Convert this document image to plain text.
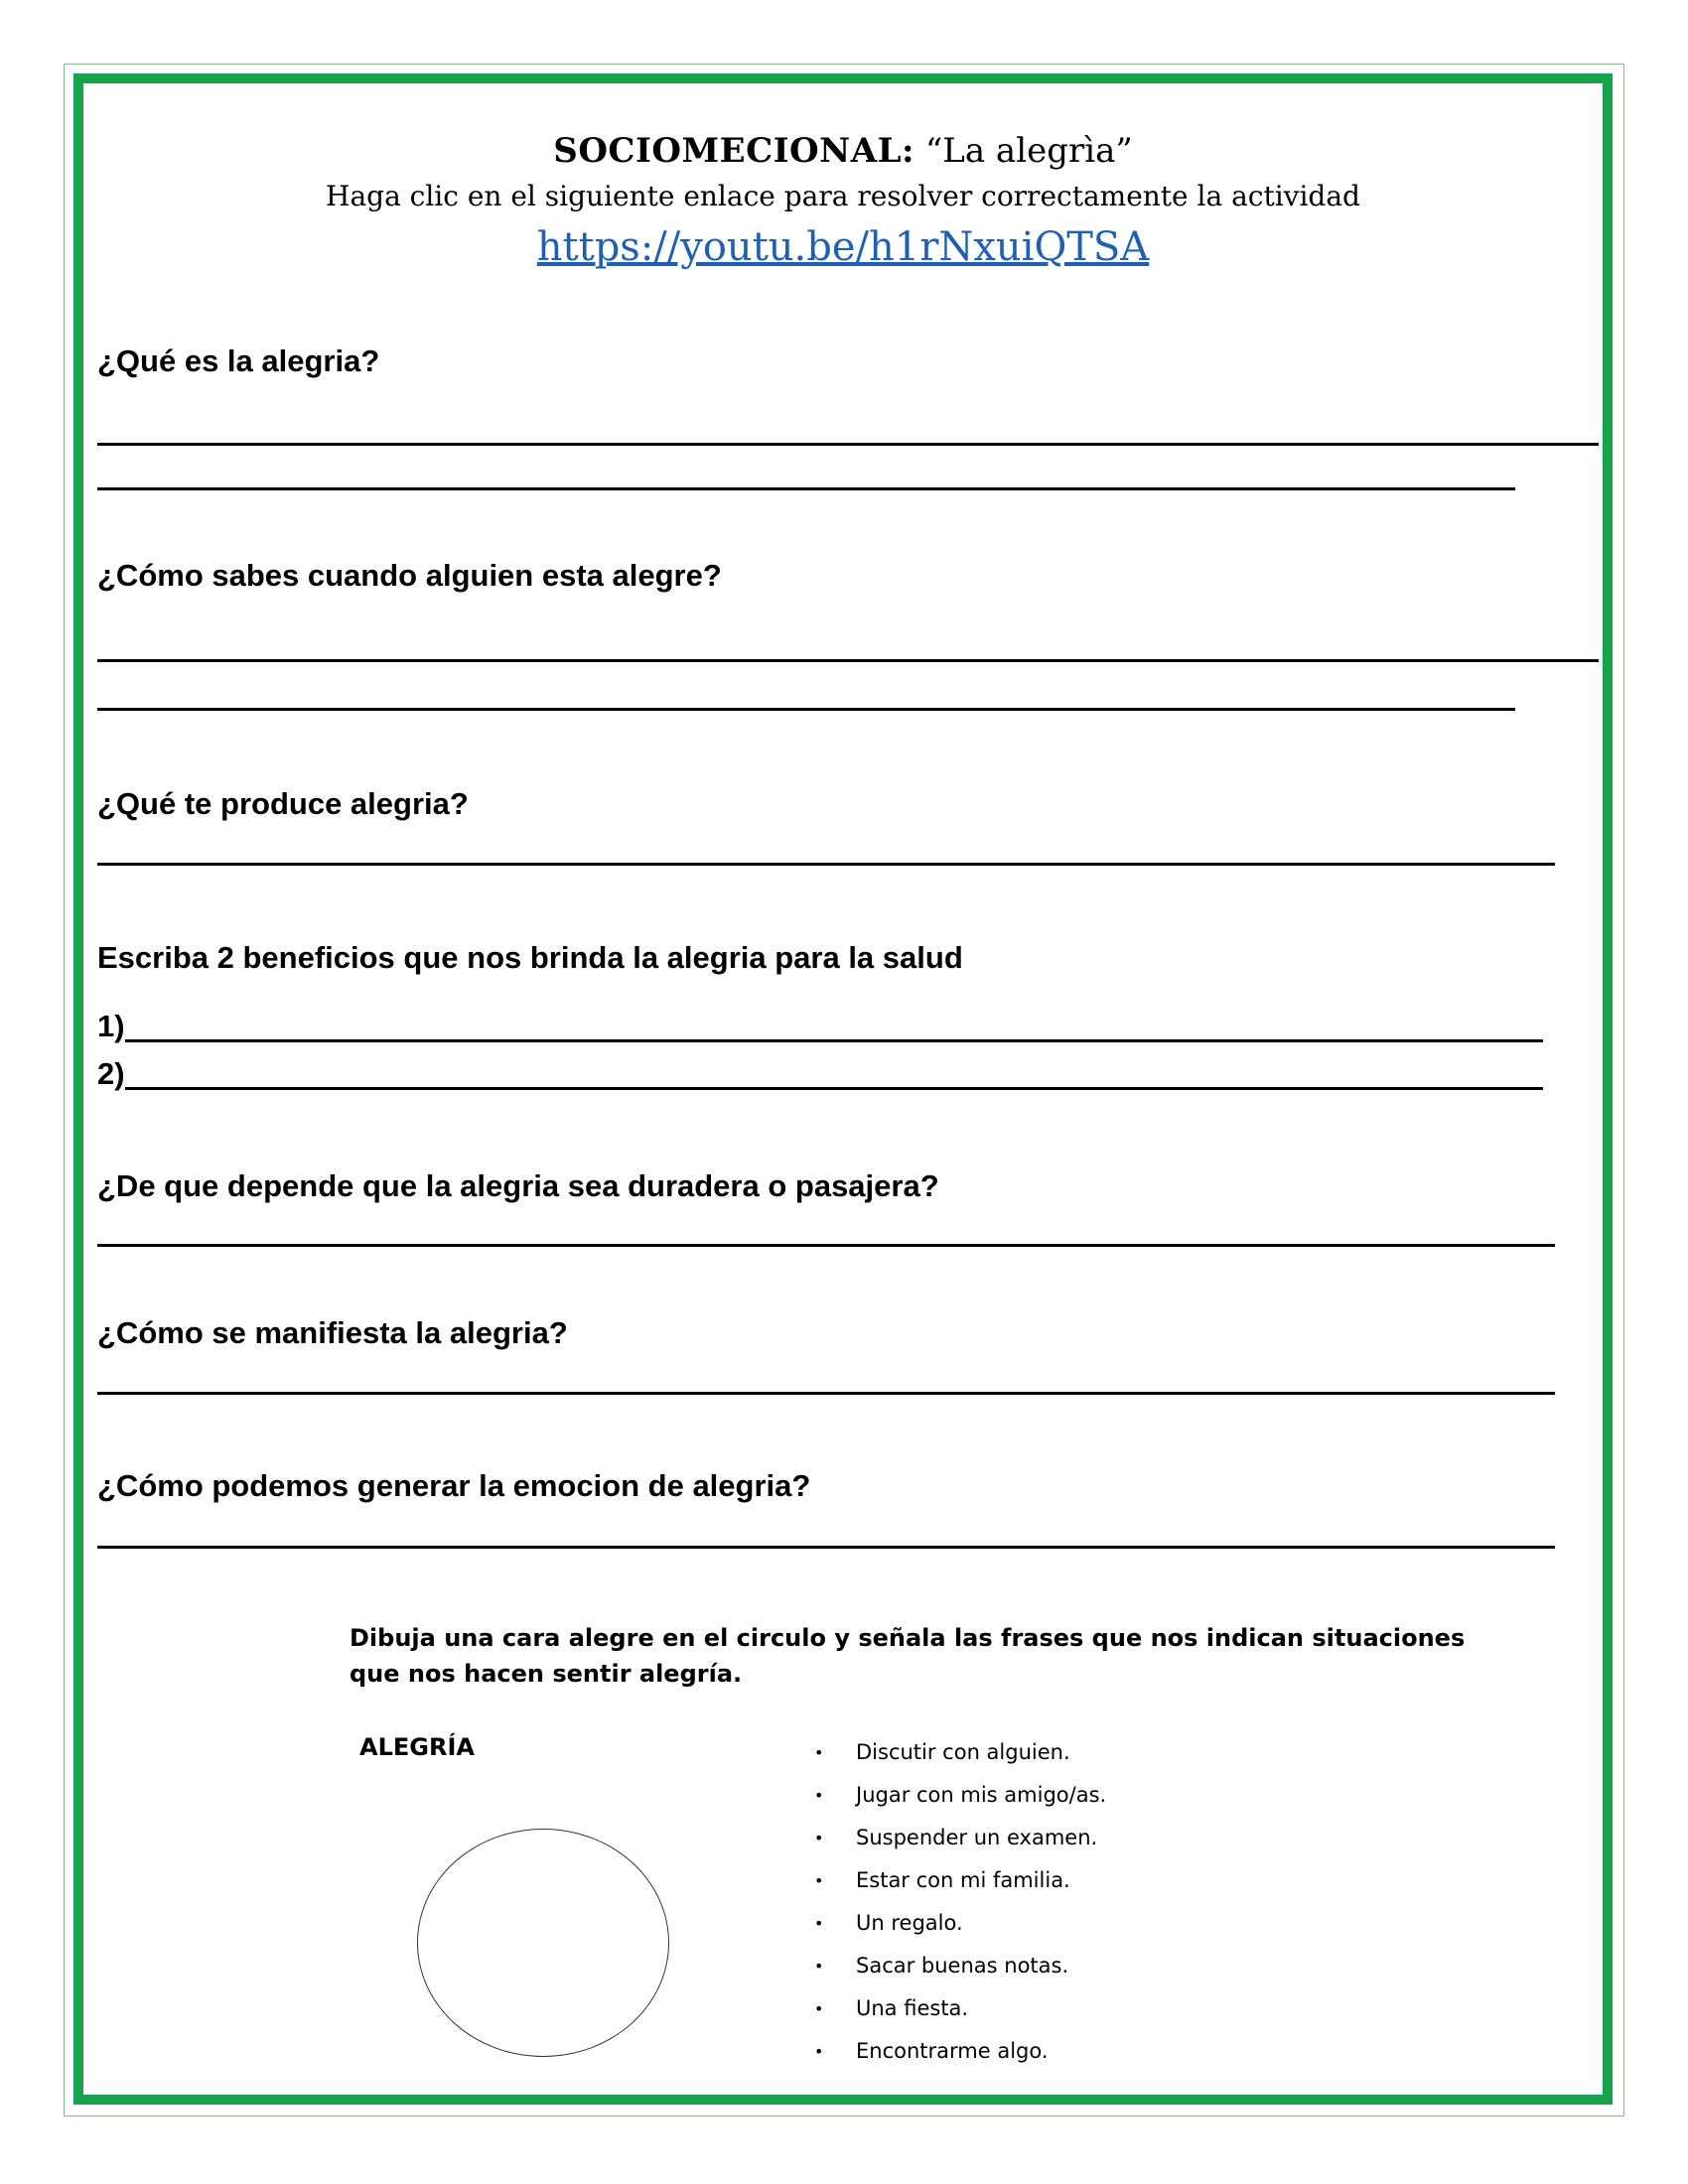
SOCIOMECIONAL: “La alegrìa”
Haga clic en el siguiente enlace para resolver correctamente la actividad
https://youtu.be/h1rNxuiQTSA
¿Qué es la alegria?
¿Cómo sabes cuando alguien esta alegre?
¿Qué te produce alegria?
Escriba 2 beneficios que nos brinda la alegria para la salud
1)
2)
¿De que depende que la alegria sea duradera o pasajera?
¿Cómo se manifiesta la alegria?
¿Cómo podemos generar la emocion de alegria?
Dibuja una cara alegre en el circulo y señala las frases que nos indican situaciones
que nos hacen sentir alegría.
ALEGRÍA
•	Discutir con alguien.
• Jugar con mis amigo/as.
• Suspender un examen.
• Estar con mi familia.
• Un regalo.
• Sacar buenas notas.
• Una fiesta.
• Encontrarme algo.
